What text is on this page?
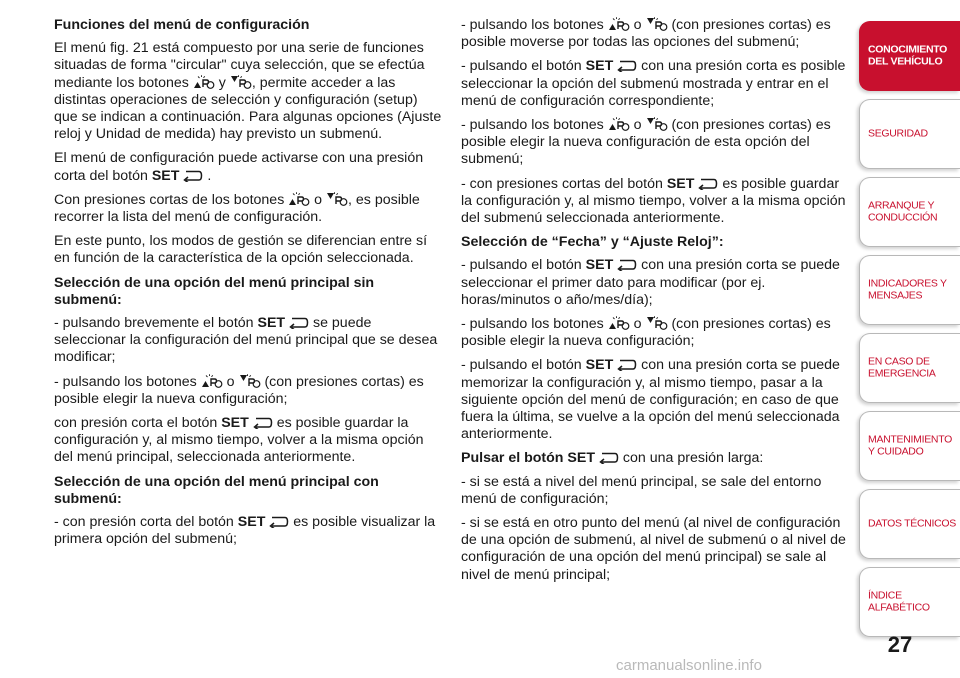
Funciones del menú de configuración

El menú fig. 21 está compuesto por una serie de funciones situadas de forma "circular" cuya selección, que se efectúa mediante los botones
y
, permite acceder a las distintas operaciones de selección y configuración (setup) que se indican a continuación. Para algunas opciones (Ajuste reloj y Unidad de medida) hay previsto un submenú.

El menú de configuración puede activarse con una presión corta del botón SET .

Con presiones cortas de los botones
o
, es posible recorrer la lista del menú de configuración.

En este punto, los modos de gestión se diferencian entre sí en función de la característica de la opción seleccionada.

Selección de una opción del menú principal sin submenú:

- pulsando brevemente el botón SET
se puede seleccionar la configuración del menú principal que se desea modificar;

- pulsando los botones
o
(con presiones cortas) es posible elegir la nueva configuración;

con presión corta el botón SET
es posible guardar la configuración y, al mismo tiempo, volver a la misma opción del menú principal, seleccionada anteriormente.

Selección de una opción del menú principal con submenú:

- con presión corta del botón SET
es posible visualizar la primera opción del submenú;

- pulsando los botones
o
(con presiones cortas) es posible moverse por todas las opciones del submenú;

- pulsando el botón SET
con una presión corta es posible seleccionar la opción del submenú mostrada y entrar en el menú de configuración correspondiente;

- pulsando los botones
o
(con presiones cortas) es posible elegir la nueva configuración de esta opción del submenú;

- con presiones cortas del botón SET
es posible guardar la configuración y, al mismo tiempo, volver a la misma opción del submenú seleccionada anteriormente.

Selección de “Fecha” y “Ajuste Reloj”:

- pulsando el botón SET
con una presión corta se puede seleccionar el primer dato para modificar (por ej. horas/minutos o año/mes/día);

- pulsando los botones
o
(con presiones cortas) es posible elegir la nueva configuración;

- pulsando el botón SET
con una presión corta se puede memorizar la configuración y, al mismo tiempo, pasar a la siguiente opción del menú de configuración; en caso de que fuera la última, se vuelve a la opción del menú seleccionada anteriormente.

Pulsar el botón SET
con una presión larga:

- si se está a nivel del menú principal, se sale del entorno menú de configuración;

- si se está en otro punto del menú (al nivel de configuración de una opción de submenú, al nivel de submenú o al nivel de configuración de una opción del menú principal) se sale al nivel de menú principal;

CONOCIMIENTO DEL VEHÍCULO
SEGURIDAD
ARRANQUE Y CONDUCCIÓN
INDICADORES Y MENSAJES
EN CASO DE EMERGENCIA
MANTENIMIENTO Y CUIDADO
DATOS TÉCNICOS
ÍNDICE ALFABÉTICO
27
carmanualsonline.info
